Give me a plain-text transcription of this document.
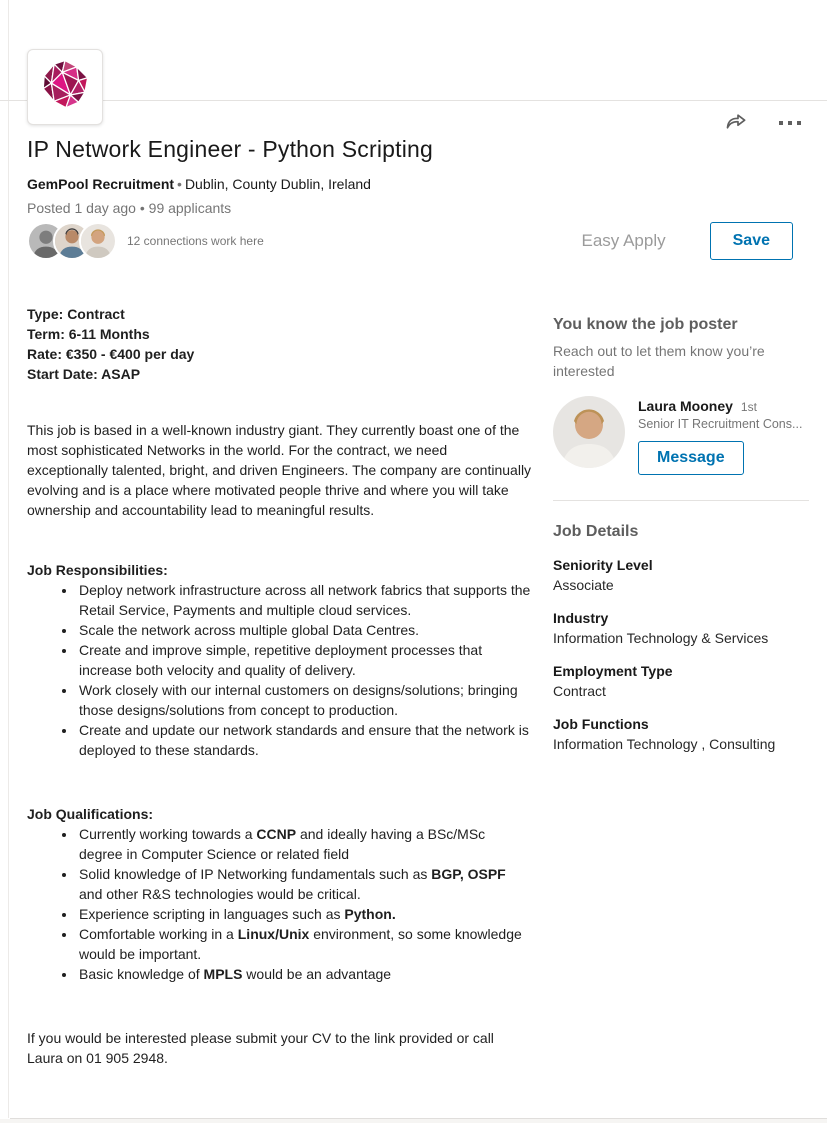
IP Network Engineer - Python Scripting
GemPool Recruitment • Dublin, County Dublin, Ireland
Posted 1 day ago • 99 applicants
12 connections work here	Easy Apply	Save
Type: Contract
Term: 6-11 Months
Rate: €350 - €400 per day
Start Date: ASAP

This job is based in a well-known industry giant. They currently boast one of the most sophisticated Networks in the world. For the contract, we need exceptionally talented, bright, and driven Engineers. The company are continually evolving and is a place where motivated people thrive and where you will take ownership and accountability lead to meaningful results.

Job Responsibilities:
• Deploy network infrastructure across all network fabrics that supports the Retail Service, Payments and multiple cloud services.
• Scale the network across multiple global Data Centres.
• Create and improve simple, repetitive deployment processes that increase both velocity and quality of delivery.
• Work closely with our internal customers on designs/solutions; bringing those designs/solutions from concept to production.
• Create and update our network standards and ensure that the network is deployed to these standards.
Job Qualifications:
• Currently working towards a CCNP and ideally having a BSc/MSc degree in Computer Science or related field
• Solid knowledge of IP Networking fundamentals such as BGP, OSPF and other R&S technologies would be critical.
• Experience scripting in languages such as Python.
• Comfortable working in a Linux/Unix environment, so some knowledge would be important.
• Basic knowledge of MPLS would be an advantage

If you would be interested please submit your CV to the link provided or call Laura on 01 905 2948.

You know the job poster
Reach out to let them know you’re interested
Laura Mooney 1st
Senior IT Recruitment Cons...
Message
Job Details
Seniority Level
Associate
Industry
Information Technology & Services
Employment Type
Contract
Job Functions
Information Technology , Consulting
